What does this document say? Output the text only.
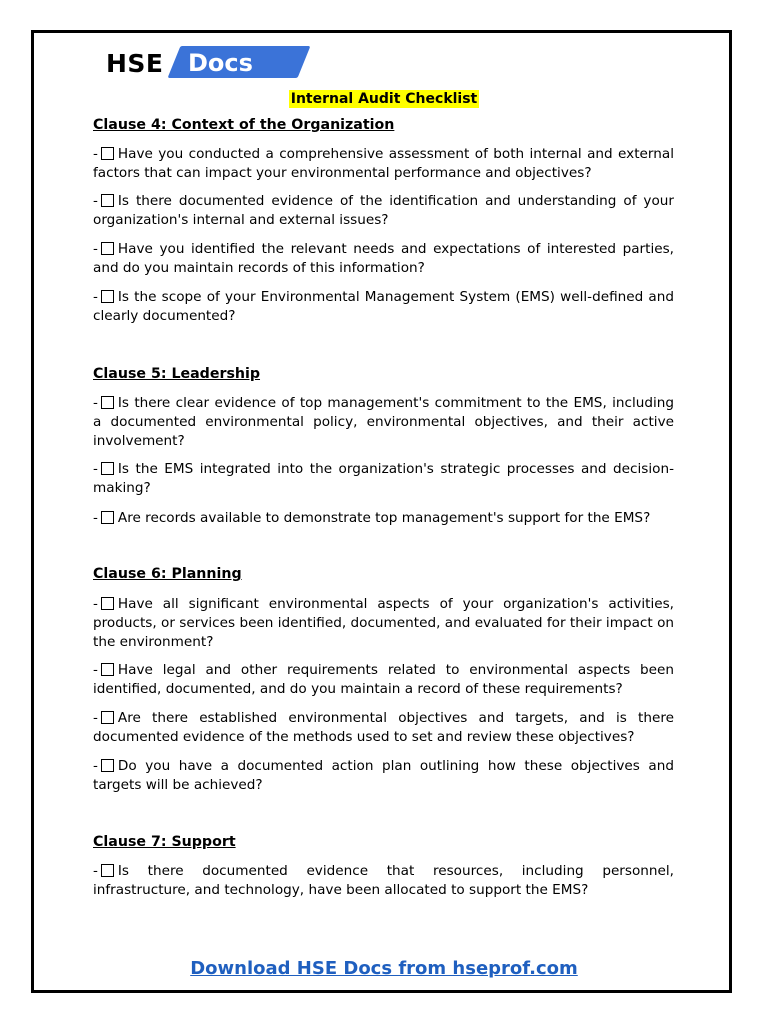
HSE Docs
Internal Audit Checklist

Clause 4: Context of the Organization

- Have you conducted a comprehensive assessment of both internal and external factors that can impact your environmental performance and objectives?

- Is there documented evidence of the identification and understanding of your organization's internal and external issues?

- Have you identified the relevant needs and expectations of interested parties, and do you maintain records of this information?

- Is the scope of your Environmental Management System (EMS) well-defined and clearly documented?

Clause 5: Leadership

- Is there clear evidence of top management's commitment to the EMS, including a documented environmental policy, environmental objectives, and their active involvement?

- Is the EMS integrated into the organization's strategic processes and decision-making?

- Are records available to demonstrate top management's support for the EMS?

Clause 6: Planning

- Have all significant environmental aspects of your organization's activities, products, or services been identified, documented, and evaluated for their impact on the environment?

- Have legal and other requirements related to environmental aspects been identified, documented, and do you maintain a record of these requirements?

- Are there established environmental objectives and targets, and is there documented evidence of the methods used to set and review these objectives?

- Do you have a documented action plan outlining how these objectives and targets will be achieved?

Clause 7: Support

- Is there documented evidence that resources, including personnel, infrastructure, and technology, have been allocated to support the EMS?

Download HSE Docs from hseprof.com
